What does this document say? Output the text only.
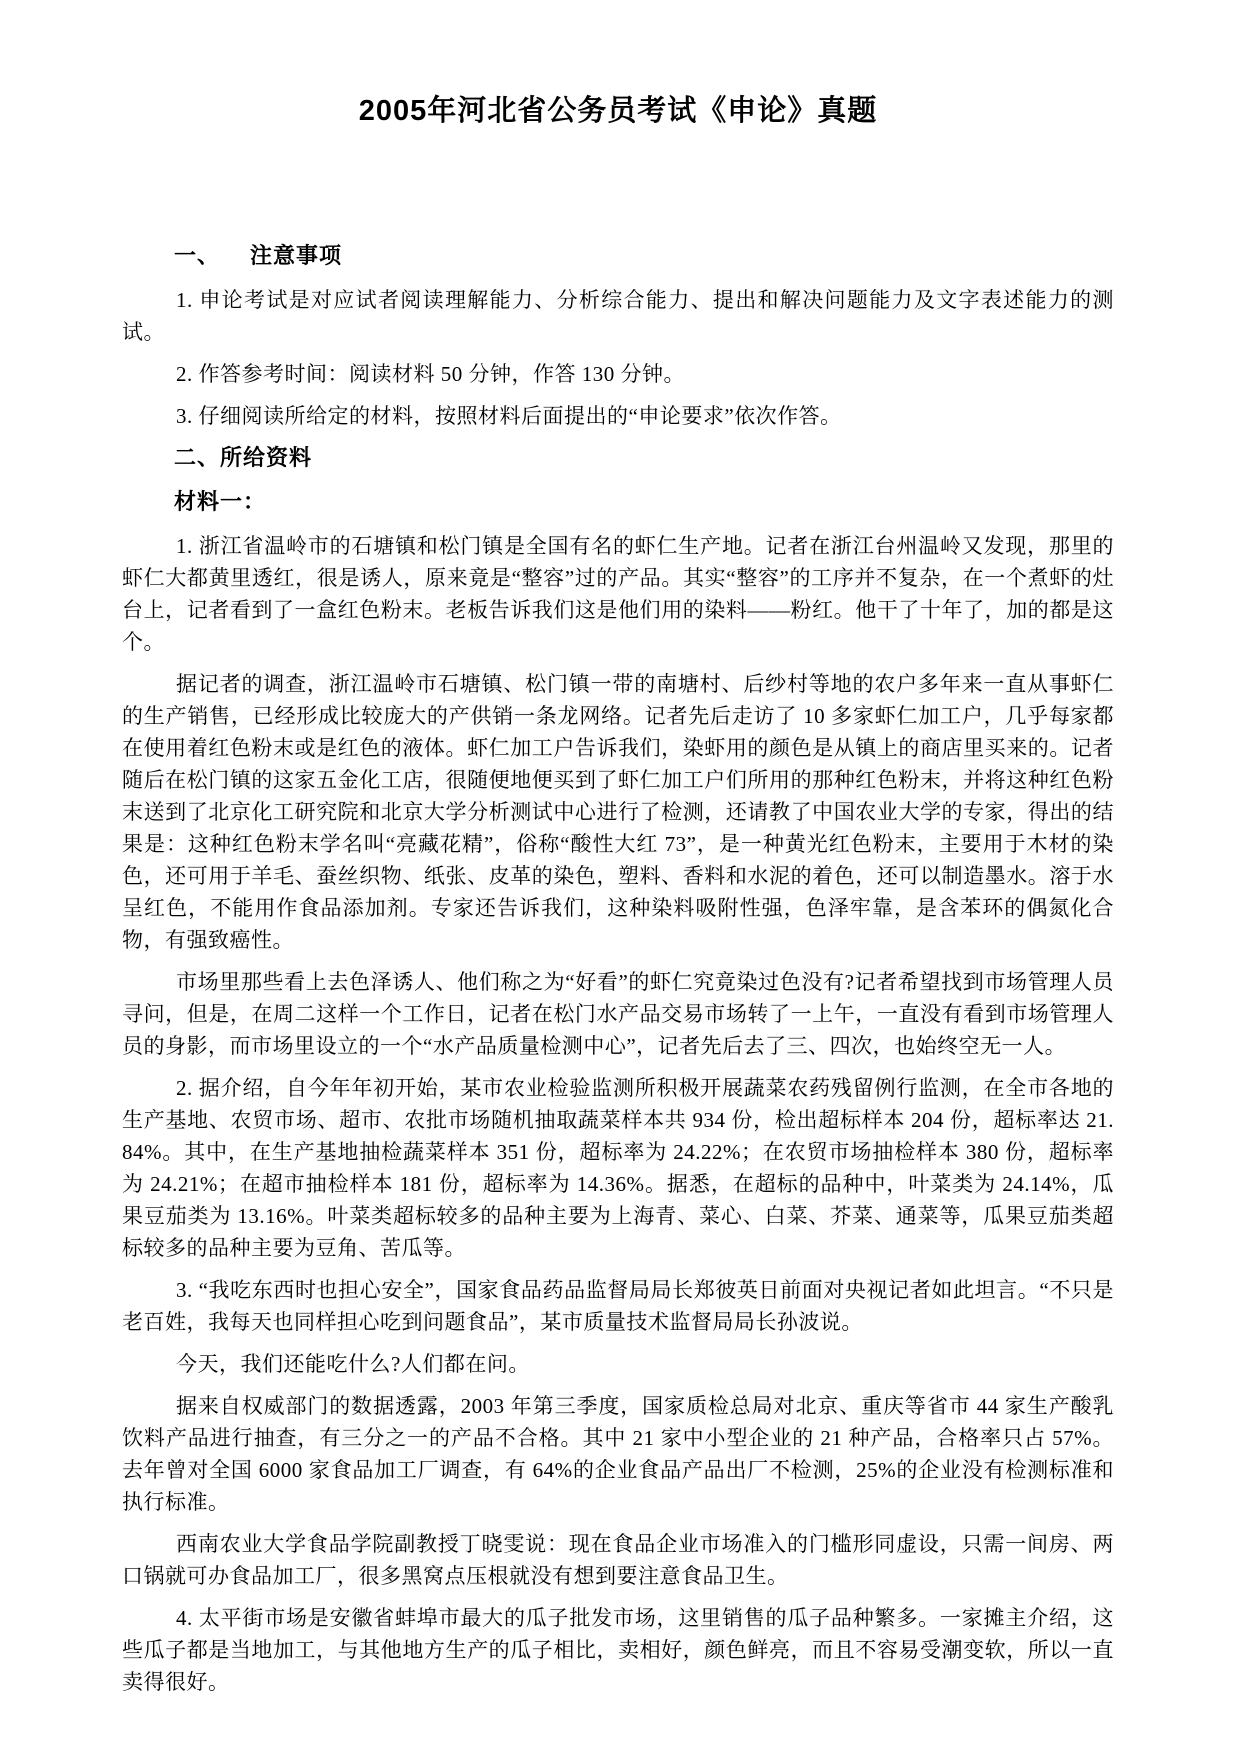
2005年河北省公务员考试《申论》真题
一、 注意事项

1. 申论考试是对应试者阅读理解能力、分析综合能力、提出和解决问题能力及文字表述能力的测试。

2. 作答参考时间：阅读材料 50 分钟，作答 130 分钟。

3. 仔细阅读所给定的材料，按照材料后面提出的“申论要求”依次作答。

二、所给资料
材料一：

1. 浙江省温岭市的石塘镇和松门镇是全国有名的虾仁生产地。记者在浙江台州温岭又发现，那里的虾仁大都黄里透红，很是诱人，原来竟是“整容”过的产品。其实“整容”的工序并不复杂，在一个煮虾的灶台上，记者看到了一盒红色粉末。老板告诉我们这是他们用的染料——粉红。他干了十年了，加的都是这个。

据记者的调查，浙江温岭市石塘镇、松门镇一带的南塘村、后纱村等地的农户多年来一直从事虾仁的生产销售，已经形成比较庞大的产供销一条龙网络。记者先后走访了 10 多家虾仁加工户，几乎每家都在使用着红色粉末或是红色的液体。虾仁加工户告诉我们，染虾用的颜色是从镇上的商店里买来的。记者随后在松门镇的这家五金化工店，很随便地便买到了虾仁加工户们所用的那种红色粉末，并将这种红色粉末送到了北京化工研究院和北京大学分析测试中心进行了检测，还请教了中国农业大学的专家，得出的结果是：这种红色粉末学名叫“亮藏花精”，俗称“酸性大红 73”，是一种黄光红色粉末，主要用于木材的染色，还可用于羊毛、蚕丝织物、纸张、皮革的染色，塑料、香料和水泥的着色，还可以制造墨水。溶于水呈红色，不能用作食品添加剂。专家还告诉我们，这种染料吸附性强，色泽牢靠，是含苯环的偶氮化合物，有强致癌性。

市场里那些看上去色泽诱人、他们称之为“好看”的虾仁究竟染过色没有?记者希望找到市场管理人员寻问，但是，在周二这样一个工作日，记者在松门水产品交易市场转了一上午，一直没有看到市场管理人员的身影，而市场里设立的一个“水产品质量检测中心”，记者先后去了三、四次，也始终空无一人。

2. 据介绍，自今年年初开始，某市农业检验监测所积极开展蔬菜农药残留例行监测，在全市各地的生产基地、农贸市场、超市、农批市场随机抽取蔬菜样本共 934 份，检出超标样本 204 份，超标率达 21.84%。其中，在生产基地抽检蔬菜样本 351 份，超标率为 24.22%；在农贸市场抽检样本 380 份，超标率为 24.21%；在超市抽检样本 181 份，超标率为 14.36%。据悉，在超标的品种中，叶菜类为 24.14%，瓜果豆茄类为 13.16%。叶菜类超标较多的品种主要为上海青、菜心、白菜、芥菜、通菜等，瓜果豆茄类超标较多的品种主要为豆角、苦瓜等。

3. “我吃东西时也担心安全”，国家食品药品监督局局长郑彼英日前面对央视记者如此坦言。“不只是老百姓，我每天也同样担心吃到问题食品”，某市质量技术监督局局长孙波说。

今天，我们还能吃什么?人们都在问。

据来自权威部门的数据透露，2003 年第三季度，国家质检总局对北京、重庆等省市 44 家生产酸乳饮料产品进行抽查，有三分之一的产品不合格。其中 21 家中小型企业的 21 种产品，合格率只占 57%。去年曾对全国 6000 家食品加工厂调查，有 64%的企业食品产品出厂不检测，25%的企业没有检测标准和执行标准。

西南农业大学食品学院副教授丁晓雯说：现在食品企业市场准入的门槛形同虚设，只需一间房、两口锅就可办食品加工厂，很多黑窝点压根就没有想到要注意食品卫生。

4. 太平街市场是安徽省蚌埠市最大的瓜子批发市场，这里销售的瓜子品种繁多。一家摊主介绍，这些瓜子都是当地加工，与其他地方生产的瓜子相比，卖相好，颜色鲜亮，而且不容易受潮变软，所以一直卖得很好。
